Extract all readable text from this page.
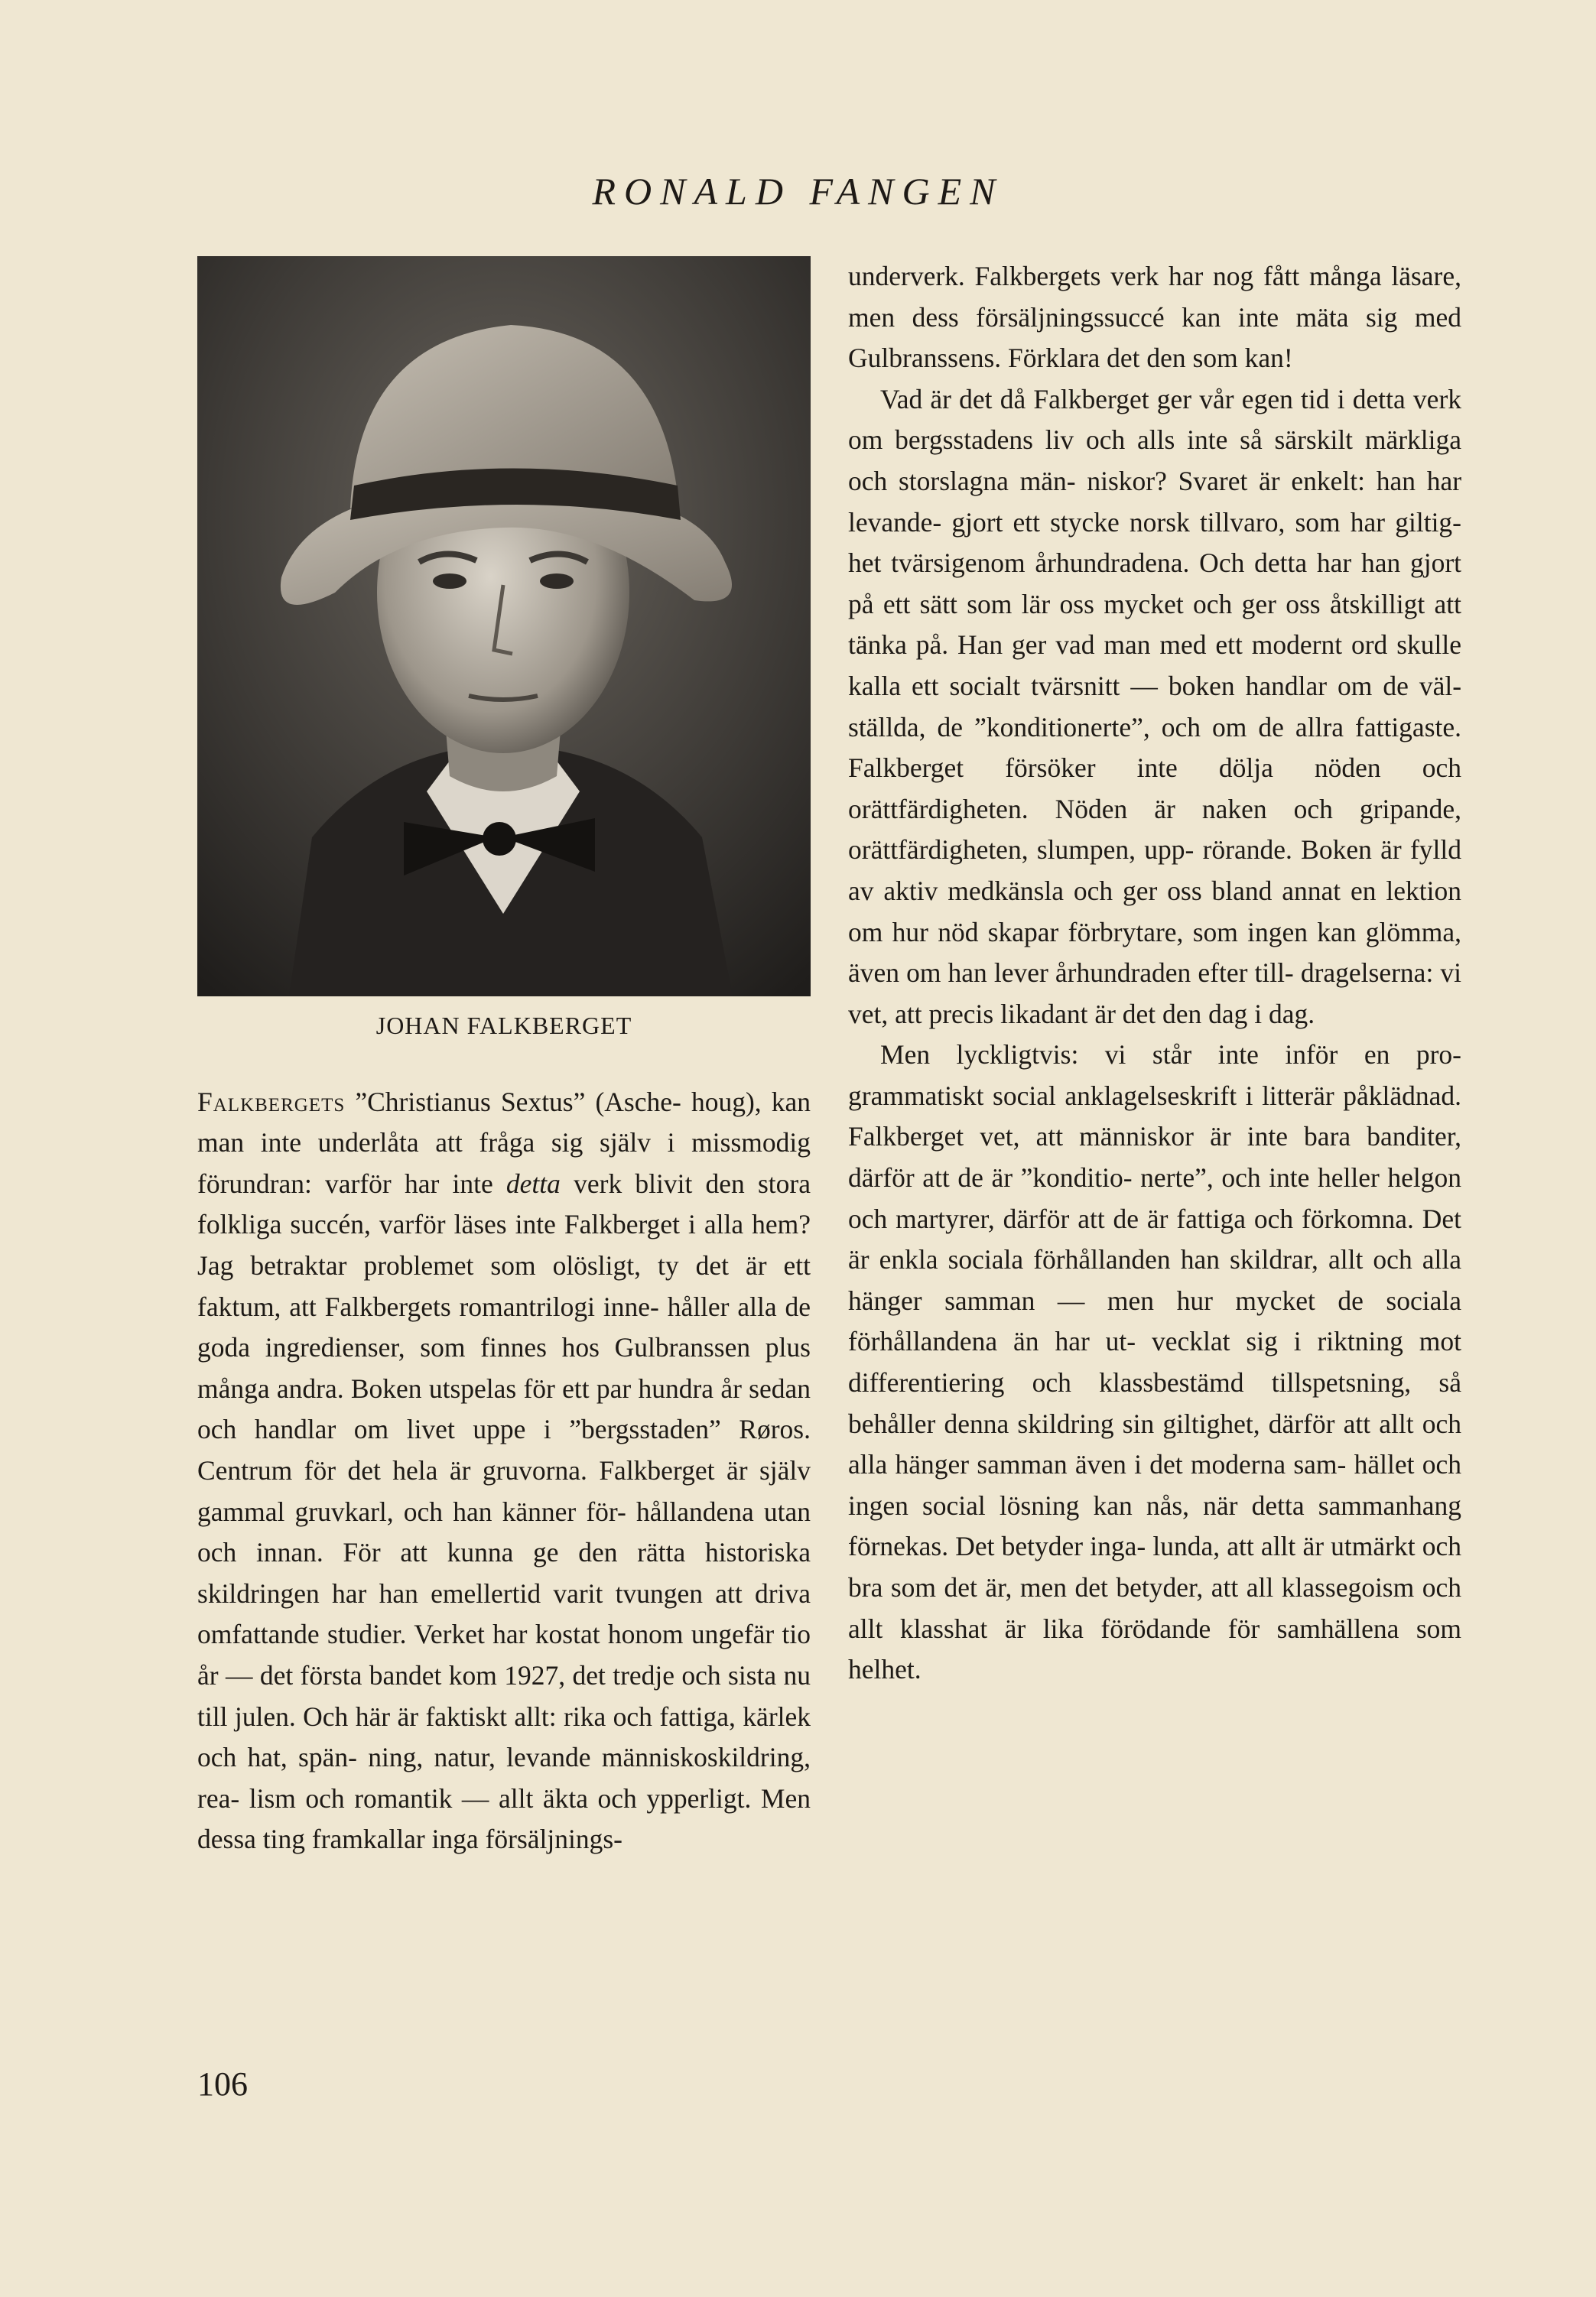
RONALD FANGEN
JOHAN FALKBERGET

Falkbergets ”Christianus Sextus” (Asche- houg), kan man inte underlåta att fråga sig själv i missmodig förundran: varför har inte detta verk blivit den stora folkliga succén, varför läses inte Falkberget i alla hem? Jag betraktar problemet som olösligt, ty det är ett faktum, att Falkbergets romantrilogi inne- håller alla de goda ingredienser, som finnes hos Gulbranssen plus många andra. Boken utspelas för ett par hundra år sedan och handlar om livet uppe i ”bergsstaden” Røros. Centrum för det hela är gruvorna. Falkberget är själv gammal gruvkarl, och han känner för- hållandena utan och innan. För att kunna ge den rätta historiska skildringen har han emellertid varit tvungen att driva omfattande studier. Verket har kostat honom ungefär tio år — det första bandet kom 1927, det tredje och sista nu till julen. Och här är faktiskt allt: rika och fattiga, kärlek och hat, spän- ning, natur, levande människoskildring, rea- lism och romantik — allt äkta och ypperligt. Men dessa ting framkallar inga försäljnings-

underverk. Falkbergets verk har nog fått många läsare, men dess försäljningssuccé kan inte mäta sig med Gulbranssens. Förklara det den som kan!

Vad är det då Falkberget ger vår egen tid i detta verk om bergsstadens liv och alls inte så särskilt märkliga och storslagna män- niskor? Svaret är enkelt: han har levande- gjort ett stycke norsk tillvaro, som har giltig- het tvärsigenom århundradena. Och detta har han gjort på ett sätt som lär oss mycket och ger oss åtskilligt att tänka på. Han ger vad man med ett modernt ord skulle kalla ett socialt tvärsnitt — boken handlar om de väl- ställda, de ”konditionerte”, och om de allra fattigaste. Falkberget försöker inte dölja nöden och orättfärdigheten. Nöden är naken och gripande, orättfärdigheten, slumpen, upp- rörande. Boken är fylld av aktiv medkänsla och ger oss bland annat en lektion om hur nöd skapar förbrytare, som ingen kan glömma, även om han lever århundraden efter till- dragelserna: vi vet, att precis likadant är det den dag i dag.

Men lyckligtvis: vi står inte inför en pro- grammatiskt social anklagelseskrift i litterär påklädnad. Falkberget vet, att människor är inte bara banditer, därför att de är ”konditio- nerte”, och inte heller helgon och martyrer, därför att de är fattiga och förkomna. Det är enkla sociala förhållanden han skildrar, allt och alla hänger samman — men hur mycket de sociala förhållandena än har ut- vecklat sig i riktning mot differentiering och klassbestämd tillspetsning, så behåller denna skildring sin giltighet, därför att allt och alla hänger samman även i det moderna sam- hället och ingen social lösning kan nås, när detta sammanhang förnekas. Det betyder inga- lunda, att allt är utmärkt och bra som det är, men det betyder, att all klassegoism och allt klasshat är lika förödande för samhällena som helhet.

106
